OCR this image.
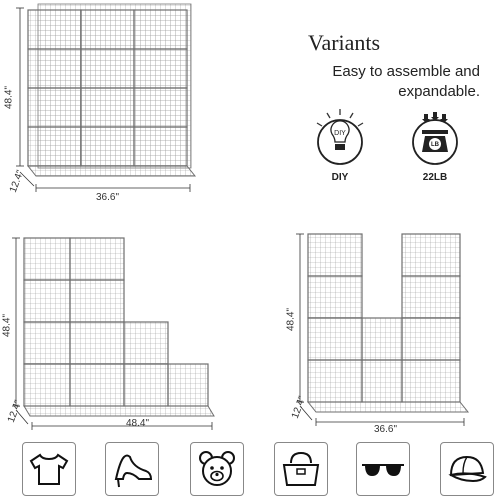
48.4"
12.4"
36.6"
Variants
Easy to assemble and
expandable.
DIY
DIY
LB
22LB
48.4"
12.4"	48.4"
48.4"
12.4"
36.6"
